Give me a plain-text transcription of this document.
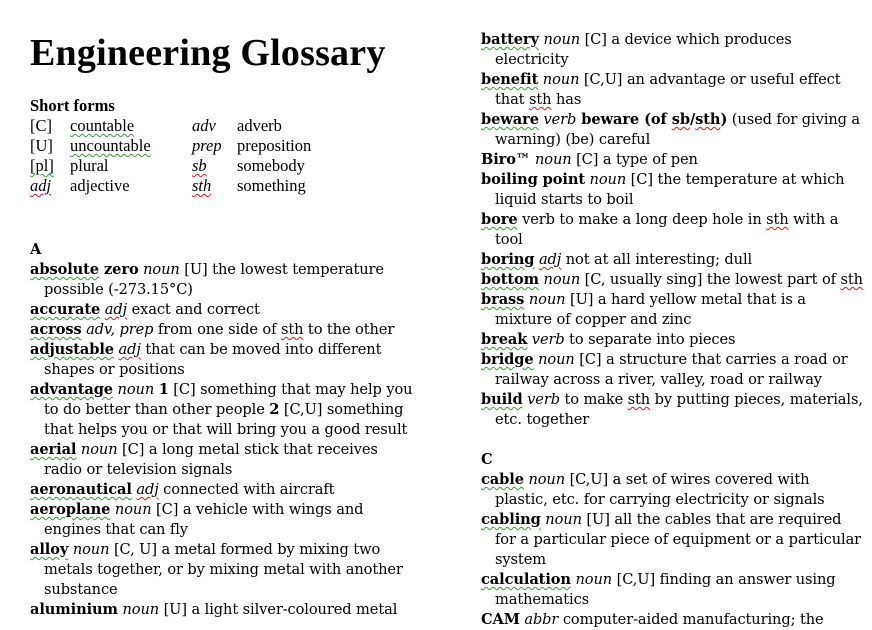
Engineering Glossary
Short forms
[C]	countable	adv	adverb
[U]	uncountable	prep preposition
[pl] plural	sb	somebody
adj	adjective	sth	something
A
absolute zero noun [U] the lowest temperature possible (-273.15°C)
accurate adj exact and correct
across adv, prep from one side of sth to the other
adjustable adj that can be moved into different shapes or positions
advantage noun 1 [C] something that may help you to do better than other people 2 [C,U] something that helps you or that will bring you a good result
aerial noun [C] a long metal stick that receives radio or television signals
aeronautical adj connected with aircraft
aeroplane noun [C] a vehicle with wings and engines that can fly
alloy noun [C, U] a metal formed by mixing two metals together, or by mixing metal with another substance
aluminium noun [U] a light silver-coloured metal
battery noun [C] a device which produces electricity
benefit noun [C,U] an advantage or useful effect that sth has
beware verb beware (of sb/sth) (used for giving a warning) (be) careful
Biro™ noun [C] a type of pen
boiling point noun [C] the temperature at which liquid starts to boil
bore verb to make a long deep hole in sth with a tool
boring adj not at all interesting; dull
bottom noun [C, usually sing] the lowest part of sth
brass noun [U] a hard yellow metal that is a mixture of copper and zinc
break verb to separate into pieces
bridge noun [C] a structure that carries a road or railway across a river, valley, road or railway
build verb to make sth by putting pieces, materials, etc. together
C
cable noun [C,U] a set of wires covered with plastic, etc. for carrying electricity or signals
cabling noun [U] all the cables that are required for a particular piece of equipment or a particular system
calculation noun [C,U] finding an answer using mathematics
CAM abbr computer-aided manufacturing; the
